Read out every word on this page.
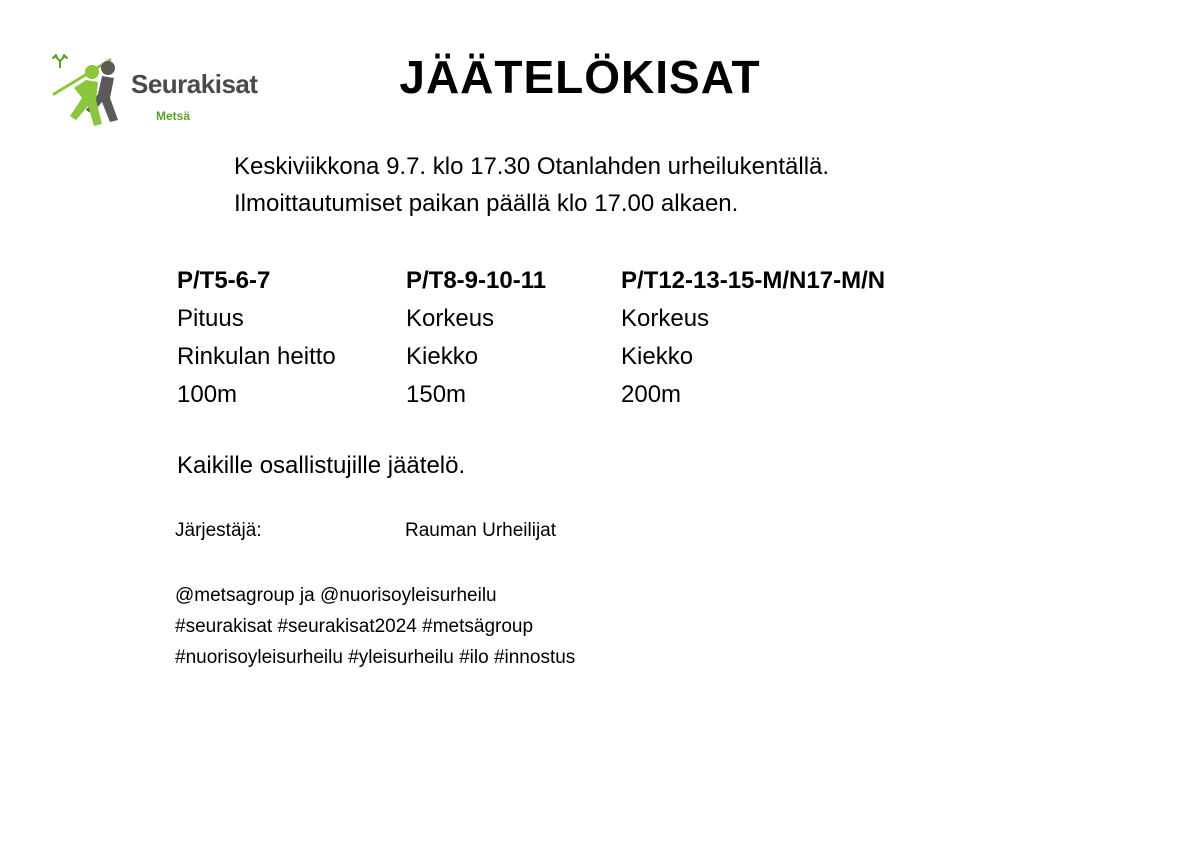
Seurakisat
Metsä
JÄÄTELÖKISAT
Keskiviikkona 9.7. klo 17.30 Otanlahden urheilukentällä.
Ilmoittautumiset paikan päällä klo 17.00 alkaen.
P/T5-6-7
Pituus
Rinkulan heitto
100m
P/T8-9-10-11
Korkeus
Kiekko
150m
P/T12-13-15-M/N17-M/N
Korkeus
Kiekko
200m
Kaikille osallistujille jäätelö.
Järjestäjä:	Rauman Urheilijat
@metsagroup ja @nuorisoyleisurheilu
#seurakisat #seurakisat2024 #metsägroup
#nuorisoyleisurheilu #yleisurheilu #ilo #innostus
